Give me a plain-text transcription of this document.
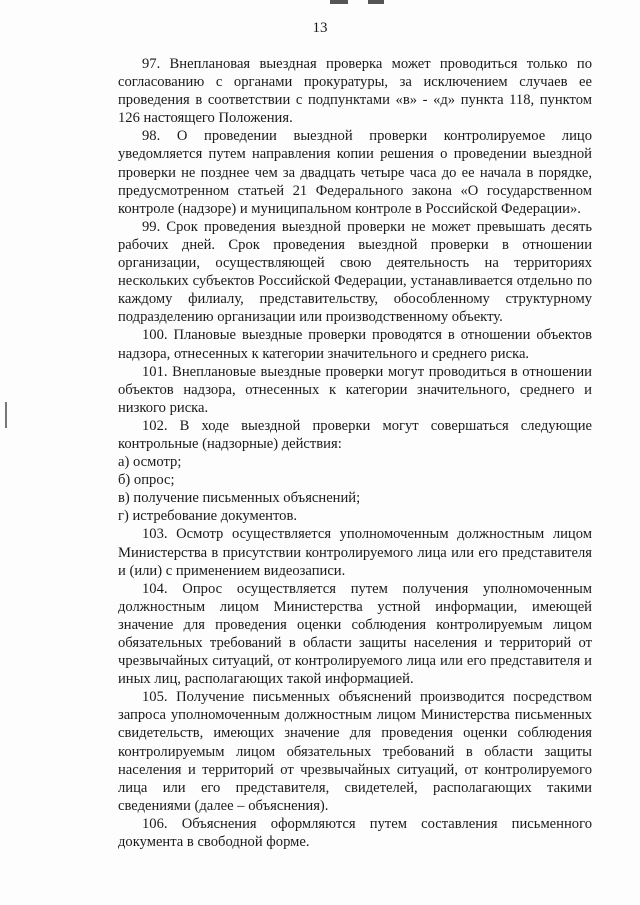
13

97. Внеплановая выездная проверка может проводиться только по согласованию с органами прокуратуры, за исключением случаев ее проведения в соответствии с подпунктами «в» - «д» пункта 118, пунктом 126 настоящего Положения.

98. О проведении выездной проверки контролируемое лицо уведомляется путем направления копии решения о проведении выездной проверки не позднее чем за двадцать четыре часа до ее начала в порядке, предусмотренном статьей 21 Федерального закона «О государственном контроле (надзоре) и муниципальном контроле в Российской Федерации».

99. Срок проведения выездной проверки не может превышать десять рабочих дней. Срок проведения выездной проверки в отношении организации, осуществляющей свою деятельность на территориях нескольких субъектов Российской Федерации, устанавливается отдельно по каждому филиалу, представительству, обособленному структурному подразделению организации или производственному объекту.

100. Плановые выездные проверки проводятся в отношении объектов надзора, отнесенных к категории значительного и среднего риска.

101. Внеплановые выездные проверки могут проводиться в отношении объектов надзора, отнесенных к категории значительного, среднего и низкого риска.

102. В ходе выездной проверки могут совершаться следующие контрольные (надзорные) действия:

а) осмотр;

б) опрос;

в) получение письменных объяснений;

г) истребование документов.

103. Осмотр осуществляется уполномоченным должностным лицом Министерства в присутствии контролируемого лица или его представителя и (или) с применением видеозаписи.

104. Опрос осуществляется путем получения уполномоченным должностным лицом Министерства устной информации, имеющей значение для проведения оценки соблюдения контролируемым лицом обязательных требований в области защиты населения и территорий от чрезвычайных ситуаций, от контролируемого лица или его представителя и иных лиц, располагающих такой информацией.

105. Получение письменных объяснений производится посредством запроса уполномоченным должностным лицом Министерства письменных свидетельств, имеющих значение для проведения оценки соблюдения контролируемым лицом обязательных требований в области защиты населения и территорий от чрезвычайных ситуаций, от контролируемого лица или его представителя, свидетелей, располагающих такими сведениями (далее – объяснения).

106. Объяснения оформляются путем составления письменного документа в свободной форме.
